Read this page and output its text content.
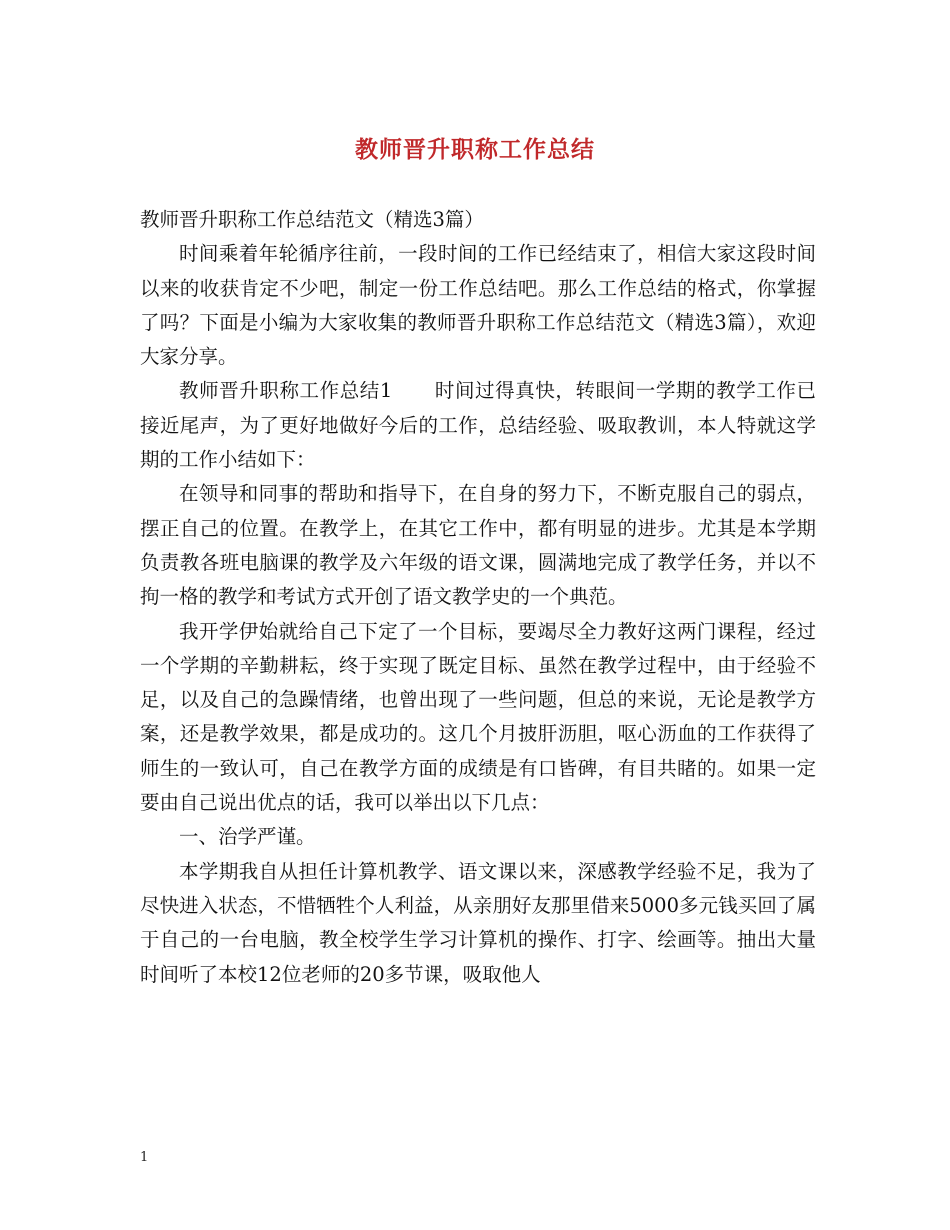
教师晋升职称工作总结

教师晋升职称工作总结范文（精选3篇）

时间乘着年轮循序往前，一段时间的工作已经结束了，相信大家这段时间以来的收获肯定不少吧，制定一份工作总结吧。那么工作总结的格式，你掌握了吗？下面是小编为大家收集的教师晋升职称工作总结范文（精选3篇），欢迎大家分享。

教师晋升职称工作总结1 时间过得真快，转眼间一学期的教学工作已接近尾声，为了更好地做好今后的工作，总结经验、吸取教训，本人特就这学期的工作小结如下：

在领导和同事的帮助和指导下，在自身的努力下，不断克服自己的弱点，摆正自己的位置。在教学上，在其它工作中，都有明显的进步。尤其是本学期负责教各班电脑课的教学及六年级的语文课，圆满地完成了教学任务，并以不拘一格的教学和考试方式开创了语文教学史的一个典范。

我开学伊始就给自己下定了一个目标，要竭尽全力教好这两门课程，经过一个学期的辛勤耕耘，终于实现了既定目标、虽然在教学过程中，由于经验不足，以及自己的急躁情绪，也曾出现了一些问题，但总的来说，无论是教学方案，还是教学效果，都是成功的。这几个月披肝沥胆，呕心沥血的工作获得了师生的一致认可，自己在教学方面的成绩是有口皆碑，有目共睹的。如果一定要由自己说出优点的话，我可以举出以下几点：

一、治学严谨。

本学期我自从担任计算机教学、语文课以来，深感教学经验不足，我为了尽快进入状态，不惜牺牲个人利益，从亲朋好友那里借来5000多元钱买回了属于自己的一台电脑，教全校学生学习计算机的操作、打字、绘画等。抽出大量时间听了本校12位老师的20多节课，吸取他人

1
